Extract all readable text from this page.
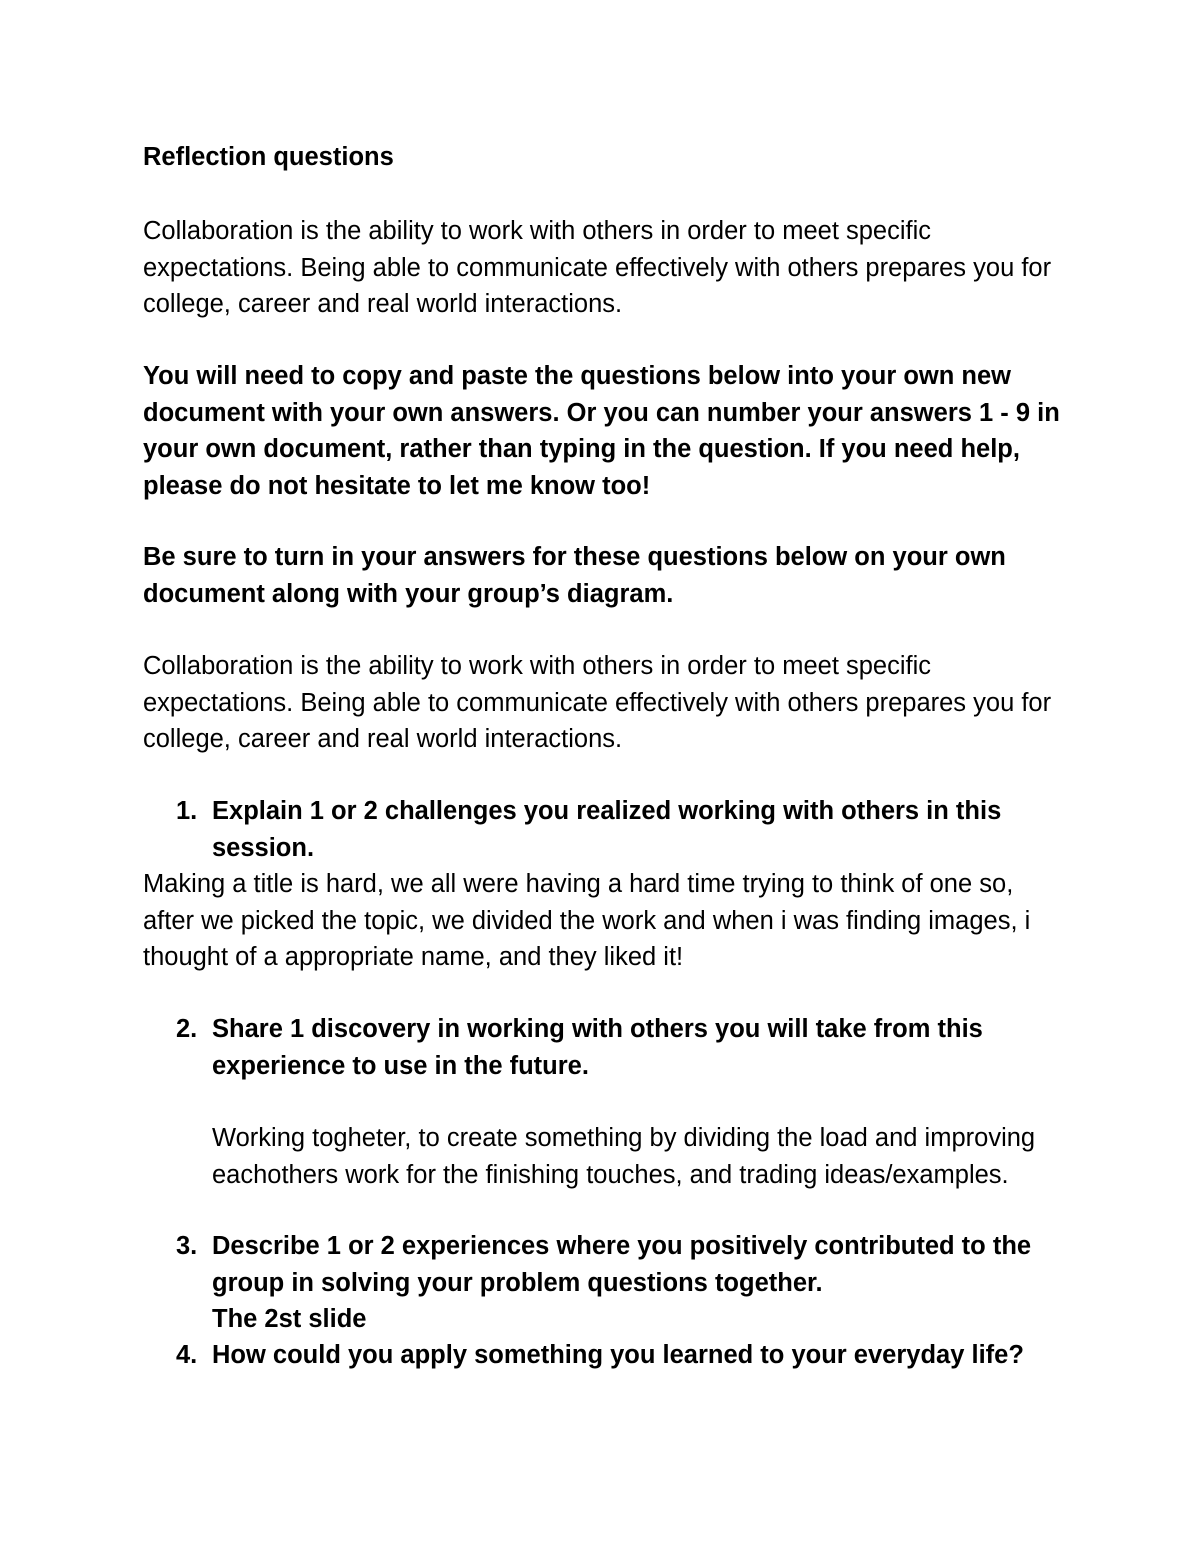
Reflection questions

Collaboration is the ability to work with others in order to meet specific expectations. Being able to communicate effectively with others prepares you for college, career and real world interactions.

You will need to copy and paste the questions below into your own new document with your own answers. Or you can number your answers 1 - 9 in your own document, rather than typing in the question. If you need help, please do not hesitate to let me know too!

Be sure to turn in your answers for these questions below on your own document along with your group’s diagram.

Collaboration is the ability to work with others in order to meet specific expectations. Being able to communicate effectively with others prepares you for college, career and real world interactions.

1. Explain 1 or 2 challenges you realized working with others in this session.

Making a title is hard, we all were having a hard time trying to think of one so, after we picked the topic, we divided the work and when i was finding images, i thought of a appropriate name, and they liked it!

2. Share 1 discovery in working with others you will take from this experience to use in the future.

Working togheter, to create something by dividing the load and improving eachothers work for the finishing touches, and trading ideas/examples.

3. Describe 1 or 2 experiences where you positively contributed to the group in solving your problem questions together.

The 2st slide

4. How could you apply something you learned to your everyday life?
